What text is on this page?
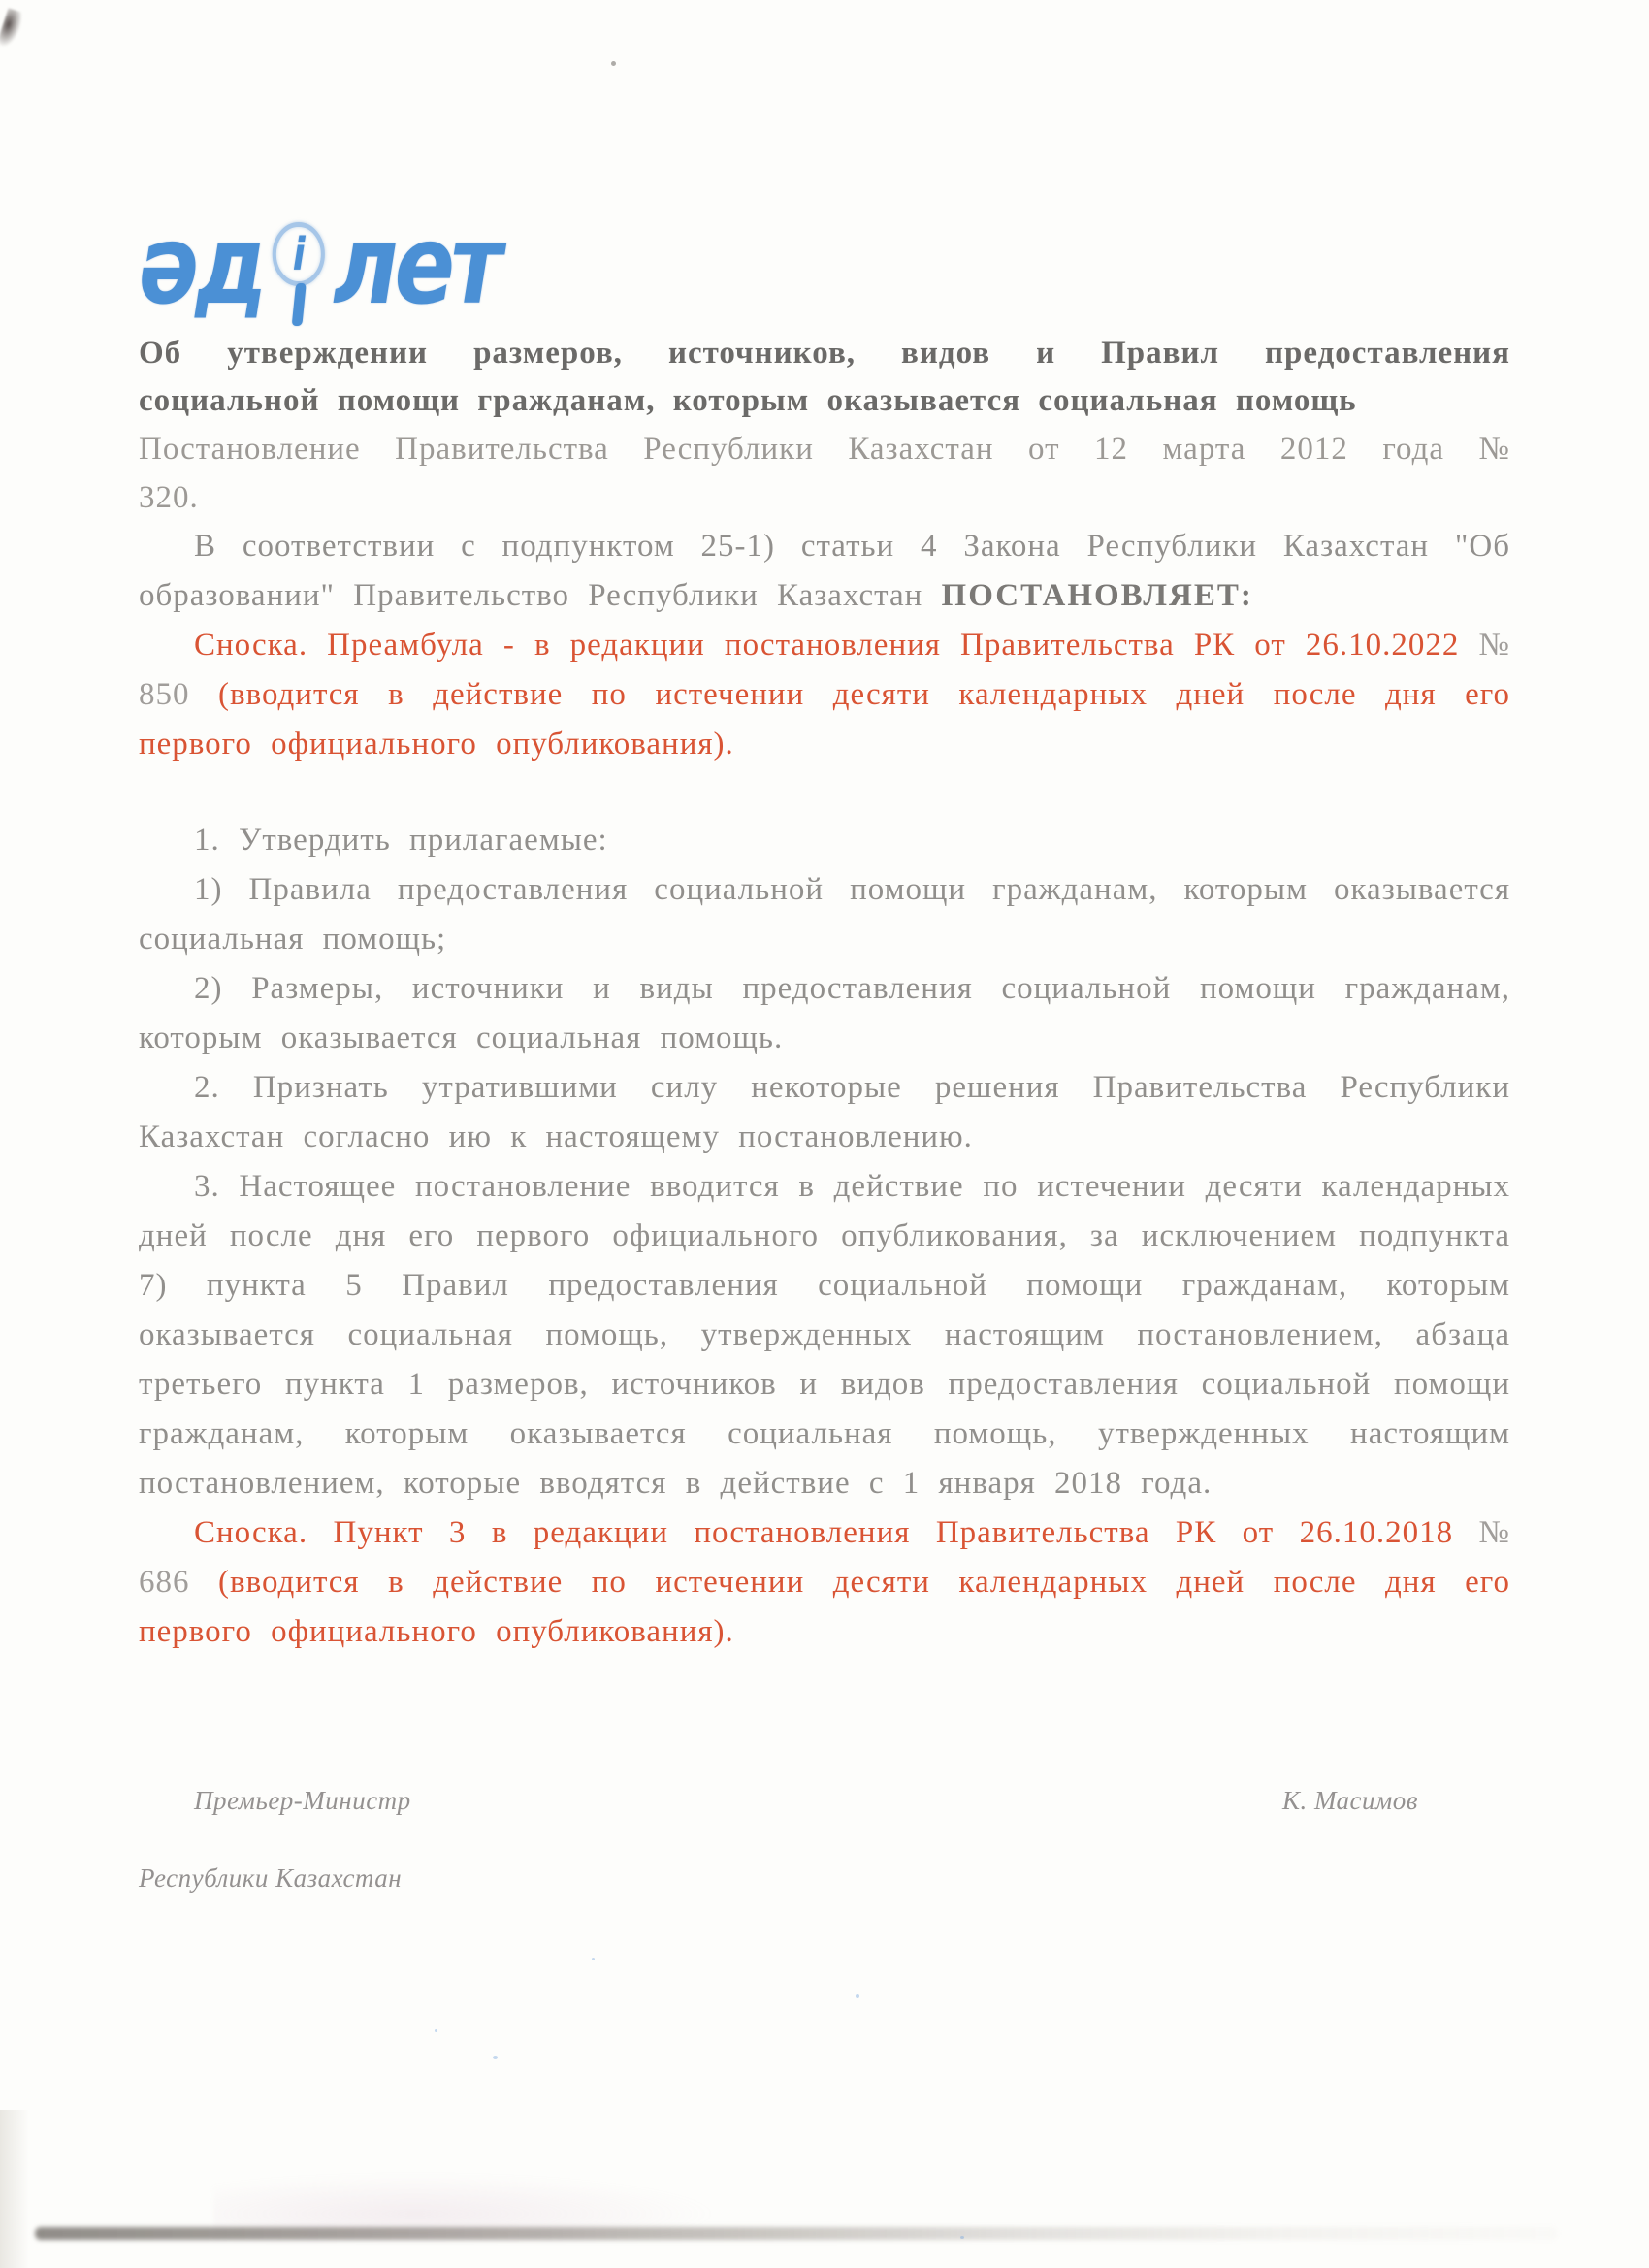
әд i лет
Об утверждении размеров, источников, видов и Правил предоставления социальной помощи гражданам, которым оказывается социальная помощь
Постановление Правительства Республики Казахстан от 12 марта 2012 года №
320.

В соответствии с подпунктом 25-1) статьи 4 Закона Республики Казахстан "Об образовании" Правительство Республики Казахстан ПОСТАНОВЛЯЕТ:

Сноска. Преамбула - в редакции постановления Правительства РК от 26.10.2022 № 850 (вводится в действие по истечении десяти календарных дней после дня его первого официального опубликования).

1. Утвердить прилагаемые:

1) Правила предоставления социальной помощи гражданам, которым оказывается социальная помощь;

2) Размеры, источники и виды предоставления социальной помощи гражданам, которым оказывается социальная помощь.

2. Признать утратившими силу некоторые решения Правительства Республики Казахстан согласно ию к настоящему постановлению.

3. Настоящее постановление вводится в действие по истечении десяти календарных дней после дня его первого официального опубликования, за исключением подпункта 7) пункта 5 Правил предоставления социальной помощи гражданам, которым оказывается социальная помощь, утвержденных настоящим постановлением, абзаца третьего пункта 1 размеров, источников и видов предоставления социальной помощи гражданам, которым оказывается социальная помощь, утвержденных настоящим постановлением, которые вводятся в действие с 1 января 2018 года.

Сноска. Пункт 3 в редакции постановления Правительства РК от 26.10.2018 № 686 (вводится в действие по истечении десяти календарных дней после дня его первого официального опубликования).

Премьер-Министр	К. Масимов
Республики Казахстан
